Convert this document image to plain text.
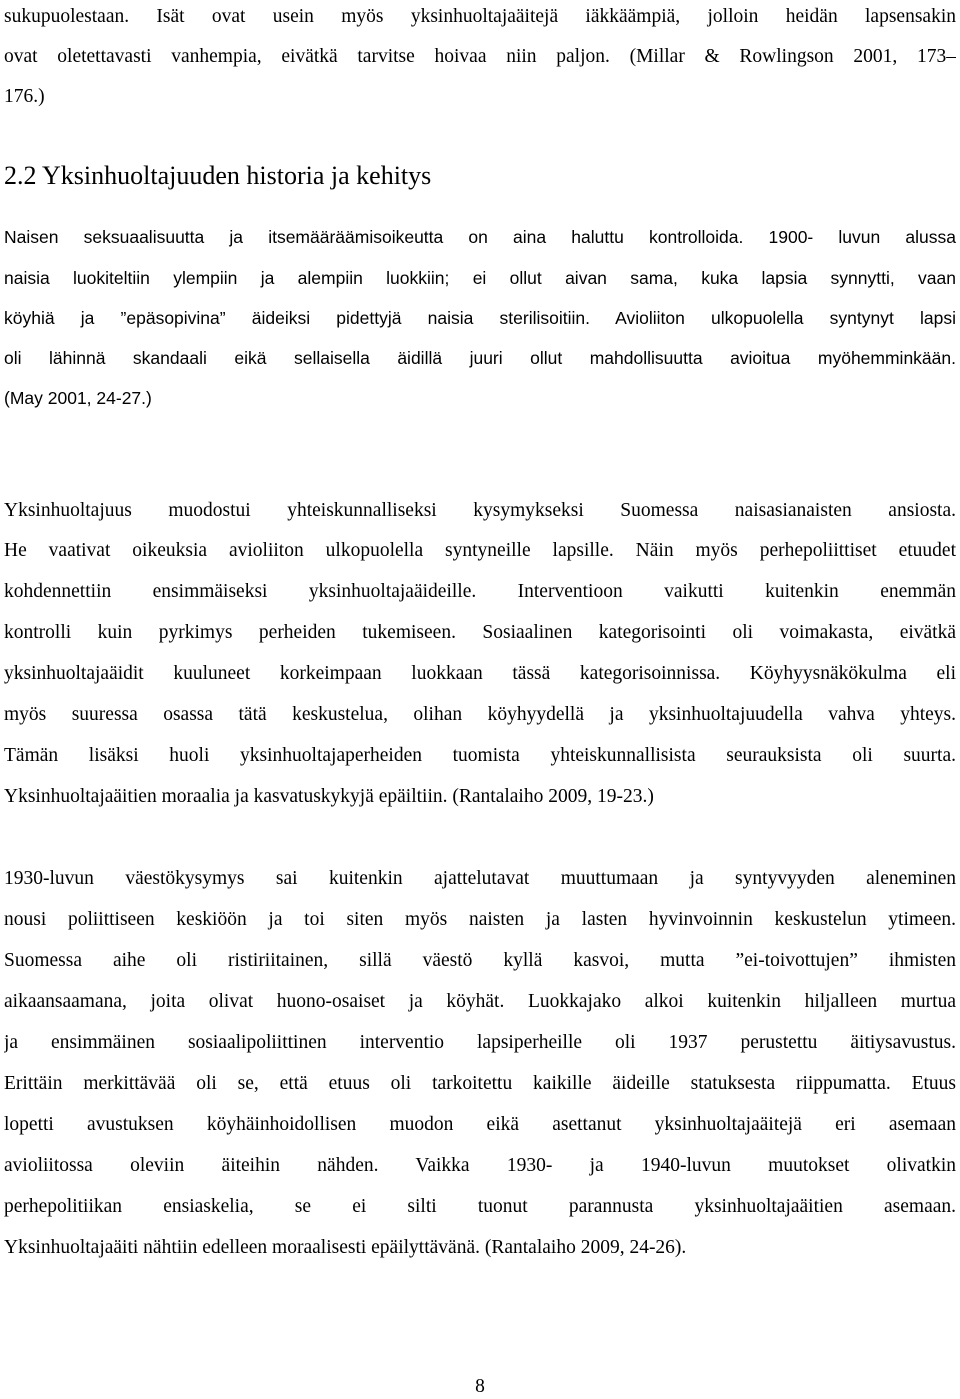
sukupuolestaan. Isät ovat usein myös yksinhuoltajaäitejä iäkkäämpiä, jolloin heidän lapsensakin
ovat oletettavasti vanhempia, eivätkä tarvitse hoivaa niin paljon. (Millar & Rowlingson 2001, 173–
176.)
2.2 Yksinhuoltajuuden historia ja kehitys
Naisen seksuaalisuutta ja itsemääräämisoikeutta on aina haluttu kontrolloida. 1900- luvun alussa
naisia luokiteltiin ylempiin ja alempiin luokkiin; ei ollut aivan sama, kuka lapsia synnytti, vaan
köyhiä ja ”epäsopivina” äideiksi pidettyjä naisia sterilisoitiin. Avioliiton ulkopuolella syntynyt lapsi
oli lähinnä skandaali eikä sellaisella äidillä juuri ollut mahdollisuutta avioitua myöhemminkään.
(May 2001, 24-27.)
Yksinhuoltajuus muodostui yhteiskunnalliseksi kysymykseksi Suomessa naisasianaisten ansiosta.
He vaativat oikeuksia avioliiton ulkopuolella syntyneille lapsille. Näin myös perhepoliittiset etuudet
kohdennettiin ensimmäiseksi yksinhuoltajaäideille. Interventioon vaikutti kuitenkin enemmän
kontrolli kuin pyrkimys perheiden tukemiseen. Sosiaalinen kategorisointi oli voimakasta, eivätkä
yksinhuoltajaäidit kuuluneet korkeimpaan luokkaan tässä kategorisoinnissa. Köyhyysnäkökulma eli
myös suuressa osassa tätä keskustelua, olihan köyhyydellä ja yksinhuoltajuudella vahva yhteys.
Tämän lisäksi huoli yksinhuoltajaperheiden tuomista yhteiskunnallisista seurauksista oli suurta.
Yksinhuoltajaäitien moraalia ja kasvatuskykyjä epäiltiin. (Rantalaiho 2009, 19-23.)
1930-luvun väestökysymys sai kuitenkin ajattelutavat muuttumaan ja syntyvyyden aleneminen
nousi poliittiseen keskiöön ja toi siten myös naisten ja lasten hyvinvoinnin keskustelun ytimeen.
Suomessa aihe oli ristiriitainen, sillä väestö kyllä kasvoi, mutta ”ei-toivottujen” ihmisten
aikaansaamana, joita olivat huono-osaiset ja köyhät. Luokkajako alkoi kuitenkin hiljalleen murtua
ja ensimmäinen sosiaalipoliittinen interventio lapsiperheille oli 1937 perustettu äitiysavustus.
Erittäin merkittävää oli se, että etuus oli tarkoitettu kaikille äideille statuksesta riippumatta. Etuus
lopetti avustuksen köyhäinhoidollisen muodon eikä asettanut yksinhuoltajaäitejä eri asemaan
avioliitossa oleviin äiteihin nähden. Vaikka 1930- ja 1940-luvun muutokset olivatkin
perhepolitiikan ensiaskelia, se ei silti tuonut parannusta yksinhuoltajaäitien asemaan.
Yksinhuoltajaäiti nähtiin edelleen moraalisesti epäilyttävänä. (Rantalaiho 2009, 24-26).
8
